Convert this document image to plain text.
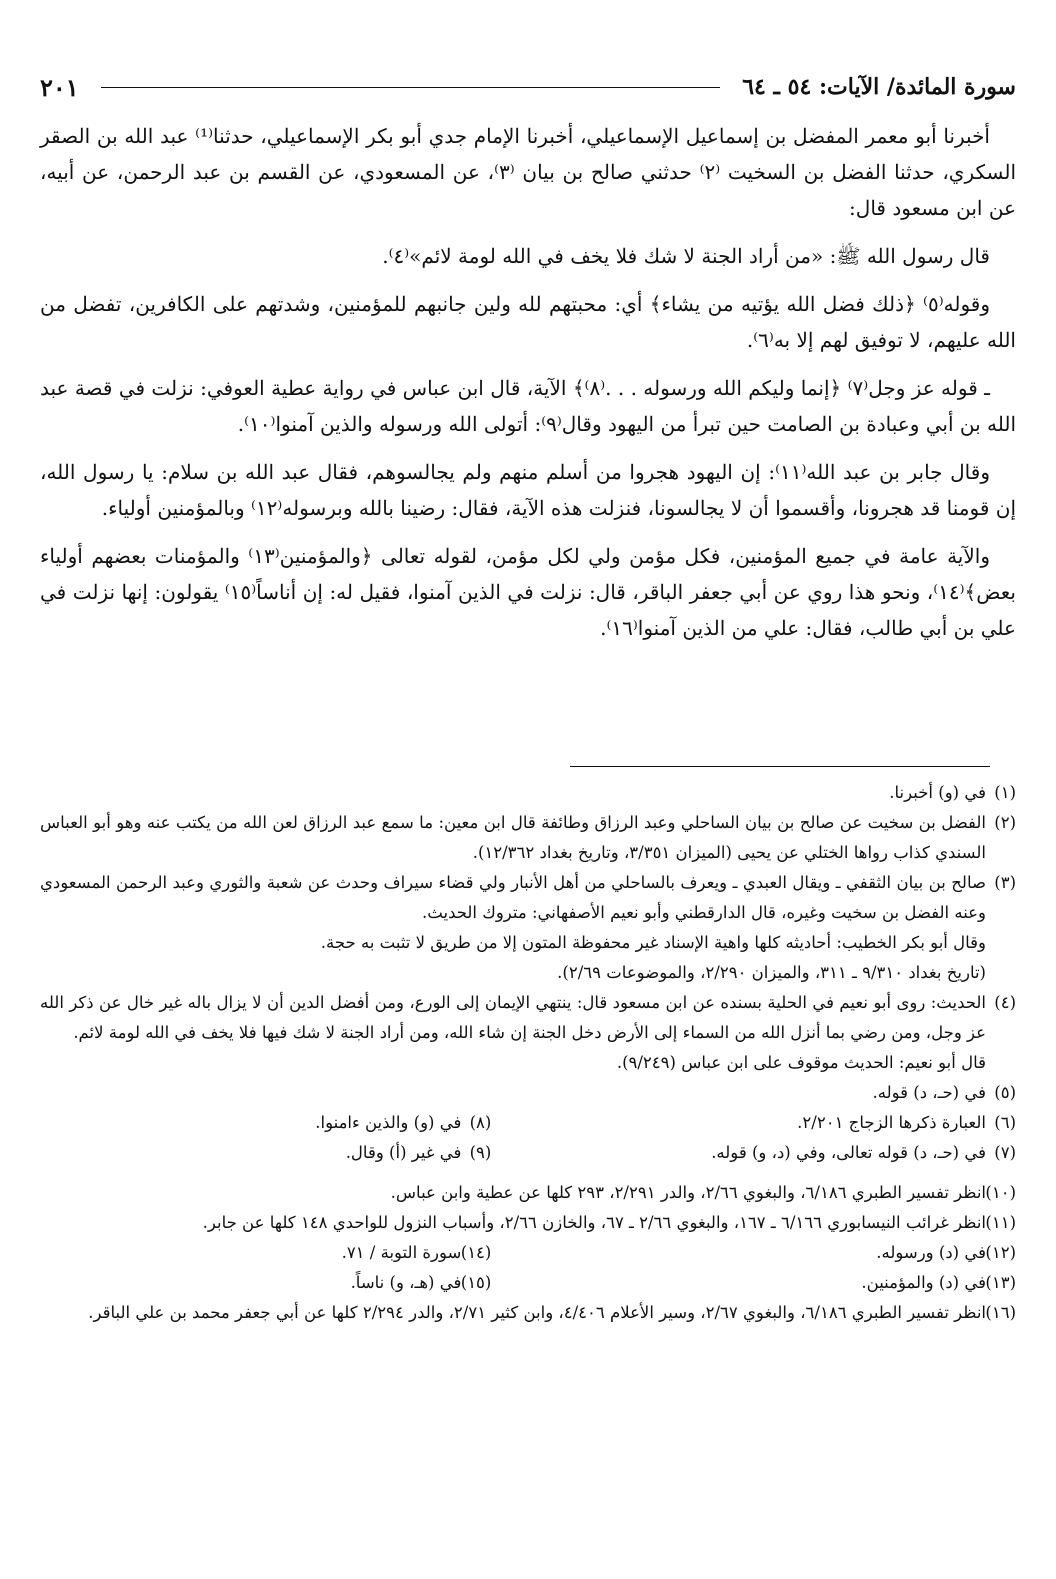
سورة المائدة/ الآيات: ٥٤ ـ ٦٤
٢٠١

أخبرنا أبو معمر المفضل بن إسماعيل الإسماعيلي، أخبرنا الإمام جدي أبو بكر الإسماعيلي، حدثنا⁽¹⁾ عبد الله بن الصقر السكري، حدثنا الفضل بن السخيت ⁽٢⁾ حدثني صالح بن بيان ⁽٣⁾، عن المسعودي، عن القسم بن عبد الرحمن، عن أبيه، عن ابن مسعود قال:

قال رسول الله ﷺ: «من أراد الجنة لا شك فلا يخف في الله لومة لائم»⁽٤⁾.

وقوله⁽٥⁾ ﴿ذلك فضل الله يؤتيه من يشاء﴾ أي: محبتهم لله ولين جانبهم للمؤمنين، وشدتهم على الكافرين، تفضل من الله عليهم، لا توفيق لهم إلا به⁽٦⁾.

ـ قوله عز وجل⁽٧⁾ ﴿إنما وليكم الله ورسوله . . .⁽٨⁾﴾ الآية، قال ابن عباس في رواية عطية العوفي: نزلت في قصة عبد الله بن أبي وعبادة بن الصامت حين تبرأ من اليهود وقال⁽٩⁾: أتولى الله ورسوله والذين آمنوا⁽١٠⁾.

وقال جابر بن عبد الله⁽١١⁾: إن اليهود هجروا من أسلم منهم ولم يجالسوهم، فقال عبد الله بن سلام: يا رسول الله، إن قومنا قد هجرونا، وأقسموا أن لا يجالسونا، فنزلت هذه الآية، فقال: رضينا بالله وبرسوله⁽١٢⁾ وبالمؤمنين أولياء.

والآية عامة في جميع المؤمنين، فكل مؤمن ولي لكل مؤمن، لقوله تعالى ﴿والمؤمنين⁽١٣⁾ والمؤمنات بعضهم أولياء بعض﴾⁽١٤⁾، ونحو هذا روي عن أبي جعفر الباقر، قال: نزلت في الذين آمنوا، فقيل له: إن أناساً⁽١٥⁾ يقولون: إنها نزلت في علي بن أبي طالب، فقال: علي من الذين آمنوا⁽١٦⁾.

(١)
في (و) أخبرنا.
(٢)
الفضل بن سخيت عن صالح بن بيان الساحلي وعبد الرزاق وطائفة قال ابن معين: ما سمع عبد الرزاق لعن الله من يكتب عنه وهو أبو العباس السندي كذاب رواها الختلي عن يحيى (الميزان ٣/٣٥١، وتاريخ بغداد ١٢/٣٦٢).
(٣)
صالح بن بيان الثقفي ـ ويقال العبدي ـ ويعرف بالساحلي من أهل الأنبار ولي قضاء سيراف وحدث عن شعبة والثوري وعبد الرحمن المسعودي وعنه الفضل بن سخيت وغيره، قال الدارقطني وأبو نعيم الأصفهاني: متروك الحديث.
وقال أبو بكر الخطيب: أحاديثه كلها واهية الإسناد غير محفوظة المتون إلا من طريق لا تثبت به حجة.
(تاريخ بغداد ٩/٣١٠ ـ ٣١١، والميزان ٢/٢٩٠، والموضوعات ٢/٦٩).
(٤)
الحديث: روى أبو نعيم في الحلية بسنده عن ابن مسعود قال: ينتهي الإيمان إلى الورع، ومن أفضل الدين أن لا يزال باله غير خال عن ذكر الله عز وجل، ومن رضي بما أنزل الله من السماء إلى الأرض دخل الجنة إن شاء الله، ومن أراد الجنة لا شك فيها فلا يخف في الله لومة لائم.
قال أبو نعيم: الحديث موقوف على ابن عباس (٩/٢٤٩).
(٥)
في (حـ، د) قوله.
(٦)
العبارة ذكرها الزجاج ٢/٢٠١.
(٨)
في (و) والذين ءامنوا.
(٧)
في (حـ، د) قوله تعالى، وفي (د، و) قوله.
(٩)
في غير (أ) وقال.
(١٠)
انظر تفسير الطبري ٦/١٨٦، والبغوي ٢/٦٦، والدر ٢/٢٩١، ٢٩٣ كلها عن عطية وابن عباس.
(١١)
انظر غرائب النيسابوري ٦/١٦٦ ـ ١٦٧، والبغوي ٢/٦٦ ـ ٦٧، والخازن ٢/٦٦، وأسباب النزول للواحدي ١٤٨ كلها عن جابر.
(١٢)
في (د) ورسوله.
(١٤)
سورة التوبة / ٧١.
(١٣)
في (د) والمؤمنين.
(١٥)
في (هـ، و) ناساً.
(١٦)
انظر تفسير الطبري ٦/١٨٦، والبغوي ٢/٦٧، وسير الأعلام ٤/٤٠٦، وابن كثير ٢/٧١، والدر ٢/٢٩٤ كلها عن أبي جعفر محمد بن علي الباقر.
